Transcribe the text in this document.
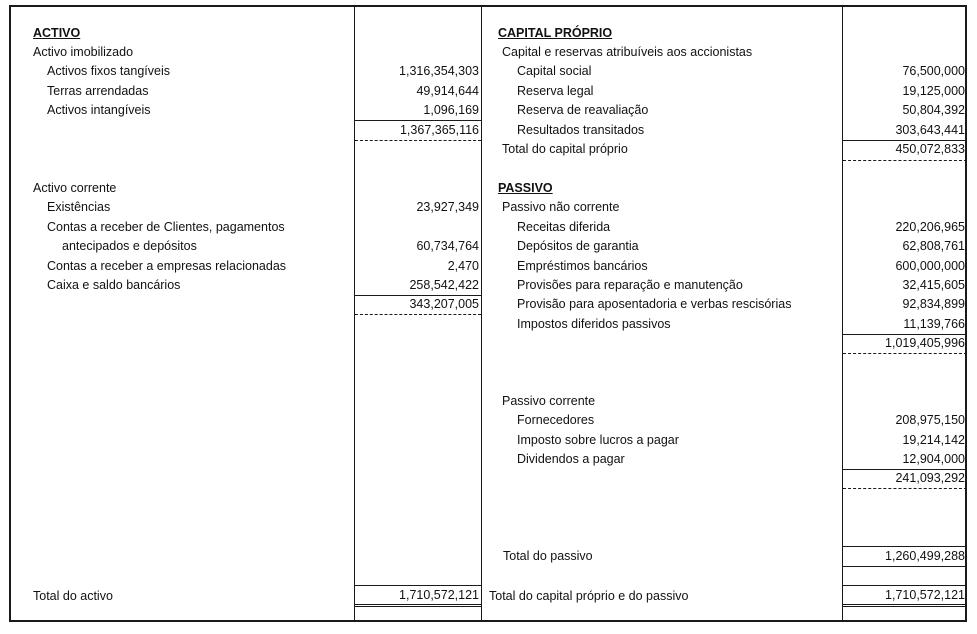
ACTIVO
Activo imobilizado
Activos fixos tangíveis	1,316,354,303
Terras arrendadas	49,914,644
Activos intangíveis	1,096,169
1,367,365,116
Activo corrente
Existências	23,927,349
Contas a receber de Clientes, pagamentos
antecipados e depósitos	60,734,764
Contas a receber a empresas relacionadas	2,470
Caixa e saldo bancários	258,542,422
343,207,005
Total do activo	1,710,572,121
CAPITAL PRÓPRIO
Capital e reservas atribuíveis aos accionistas
Capital social	76,500,000
Reserva legal	19,125,000
Reserva de reavaliação	50,804,392
Resultados transitados	303,643,441
Total do capital próprio	450,072,833
PASSIVO
Passivo não corrente
Receitas diferida	220,206,965
Depósitos de garantia	62,808,761
Empréstimos bancários	600,000,000
Provisões para reparação e manutenção	32,415,605
Provisão para aposentadoria e verbas rescisórias	92,834,899
Impostos diferidos passivos	11,139,766
1,019,405,996
Passivo corrente
Fornecedores	208,975,150
Imposto sobre lucros a pagar	19,214,142
Dividendos a pagar	12,904,000
241,093,292
Total do passivo	1,260,499,288
Total do capital próprio e do passivo	1,710,572,121
